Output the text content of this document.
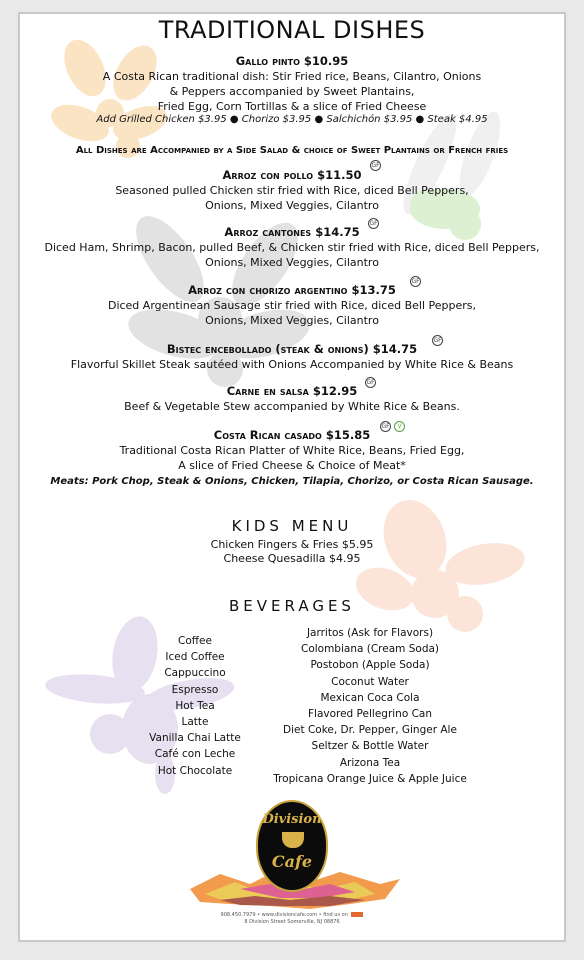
TRADITIONAL DISHES
Gallo pinto $10.95
A Costa Rican traditional dish: Stir Fried rice, Beans, Cilantro, Onions
& Peppers accompanied by Sweet Plantains,
Fried Egg, Corn Tortillas & a slice of Fried Cheese
Add Grilled Chicken $3.95 ● Chorizo $3.95 ● Salchichón $3.95 ● Steak $4.95
All Dishes are Accompanied by a Side Salad & choice of Sweet Plantains or French fries
Arroz con pollo $11.50
GF
Seasoned pulled Chicken stir fried with Rice, diced Bell Peppers,
Onions, Mixed Veggies, Cilantro
Arroz cantones $14.75
GF
Diced Ham, Shrimp, Bacon, pulled Beef, & Chicken stir fried with Rice, diced Bell Peppers,
Onions, Mixed Veggies, Cilantro
Arroz con chorizo argentino $13.75
GF
Diced Argentinean Sausage stir fried with Rice, diced Bell Peppers,
Onions, Mixed Veggies, Cilantro
Bistec encebollado (steak & onions) $14.75
GF
Flavorful Skillet Steak sautéed with Onions Accompanied by White Rice & Beans
Carne en salsa $12.95
GF
Beef & Vegetable Stew accompanied by White Rice & Beans.
Costa Rican casado $15.85
GF V
Traditional Costa Rican Platter of White Rice, Beans, Fried Egg,
A slice of Fried Cheese & Choice of Meat*
Meats: Pork Chop, Steak & Onions, Chicken, Tilapia, Chorizo, or Costa Rican Sausage.
KIDS MENU
Chicken Fingers & Fries $5.95
Cheese Quesadilla $4.95
BEVERAGES
Coffee
Iced Coffee
Cappuccino
Espresso
Hot Tea
Latte
Vanilla Chai Latte
Café con Leche
Hot Chocolate
Jarritos (Ask for Flavors)
Colombiana (Cream Soda)
Postobon (Apple Soda)
Coconut Water
Mexican Coca Cola
Flavored Pellegrino Can
Diet Coke, Dr. Pepper, Ginger Ale
Seltzer & Bottle Water
Arizona Tea
Tropicana Orange Juice & Apple Juice
Division
Cafe
908.450.7979 • www.divisioncafe.com • find us on
8 Division Street Somerville, NJ 08876
